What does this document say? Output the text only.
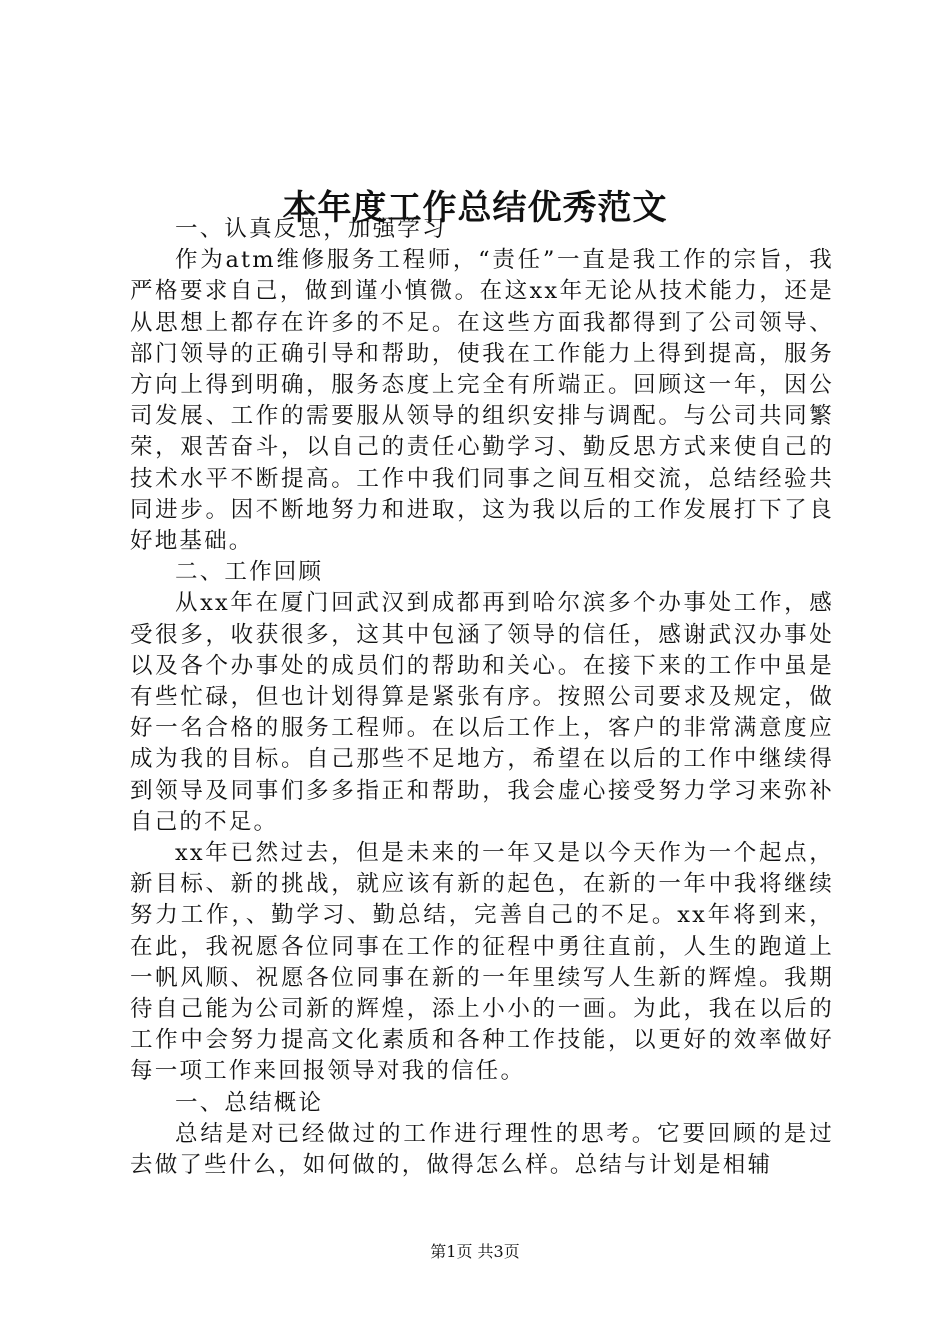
本年度工作总结优秀范文

一、认真反思，加强学习

作为atm维修服务工程师，“责任”一直是我工作的宗旨，我严格要求自己，做到谨小慎微。在这xx年无论从技术能力，还是从思想上都存在许多的不足。在这些方面我都得到了公司领导、部门领导的正确引导和帮助，使我在工作能力上得到提高，服务方向上得到明确，服务态度上完全有所端正。回顾这一年，因公司发展、工作的需要服从领导的组织安排与调配。与公司共同繁荣，艰苦奋斗，以自己的责任心勤学习、勤反思方式来使自己的技术水平不断提高。工作中我们同事之间互相交流，总结经验共同进步。因不断地努力和进取，这为我以后的工作发展打下了良好地基础。

二、工作回顾

从xx年在厦门回武汉到成都再到哈尔滨多个办事处工作，感受很多，收获很多，这其中包涵了领导的信任，感谢武汉办事处以及各个办事处的成员们的帮助和关心。在接下来的工作中虽是有些忙碌，但也计划得算是紧张有序。按照公司要求及规定，做好一名合格的服务工程师。在以后工作上，客户的非常满意度应成为我的目标。自己那些不足地方，希望在以后的工作中继续得到领导及同事们多多指正和帮助，我会虚心接受努力学习来弥补自己的不足。

xx年已然过去，但是未来的一年又是以今天作为一个起点，新目标、新的挑战，就应该有新的起色，在新的一年中我将继续努力工作，、勤学习、勤总结，完善自己的不足。xx年将到来，在此，我祝愿各位同事在工作的征程中勇往直前，人生的跑道上一帆风顺、祝愿各位同事在新的一年里续写人生新的辉煌。我期待自己能为公司新的辉煌，添上小小的一画。为此，我在以后的工作中会努力提高文化素质和各种工作技能，以更好的效率做好每一项工作来回报领导对我的信任。

一、总结概论

总结是对已经做过的工作进行理性的思考。它要回顾的是过去做了些什么，如何做的，做得怎么样。总结与计划是相辅

第1页 共3页
